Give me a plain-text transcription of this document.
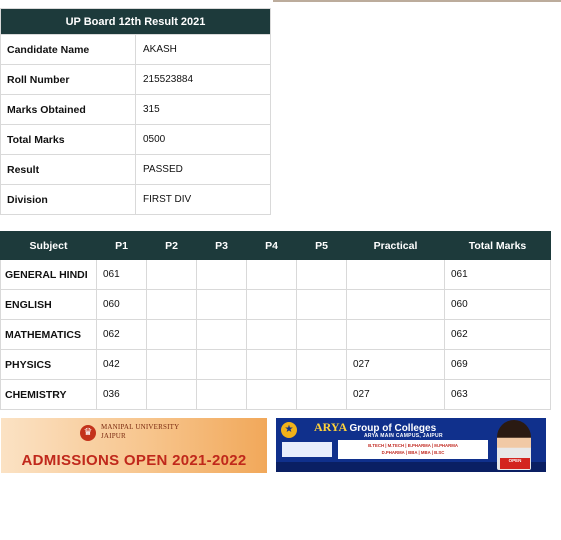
UP Board 12th Result 2021	
Candidate Name	AKASH
Roll Number	215523884
Marks Obtained	315
Total Marks	0500
Result	PASSED
Division	FIRST DIV
Subject	P1	P2	P3	P4	P5	Practical	Total Marks
GENERAL HINDI	061						061
ENGLISH	060						060
MATHEMATICS	062						062
PHYSICS	042					027	069
CHEMISTRY	036					027	063
♛	MANIPAL UNIVERSITY
JAIPUR
ADMISSIONS OPEN 2021-2022
★ ARYA Group of Colleges
ARYA MAIN CAMPUS, JAIPUR
B.TECH | M.TECH | B.PHARMA | M.PHARMA
D.PHARMA | BBA | MBA | B.SC
OPEN
